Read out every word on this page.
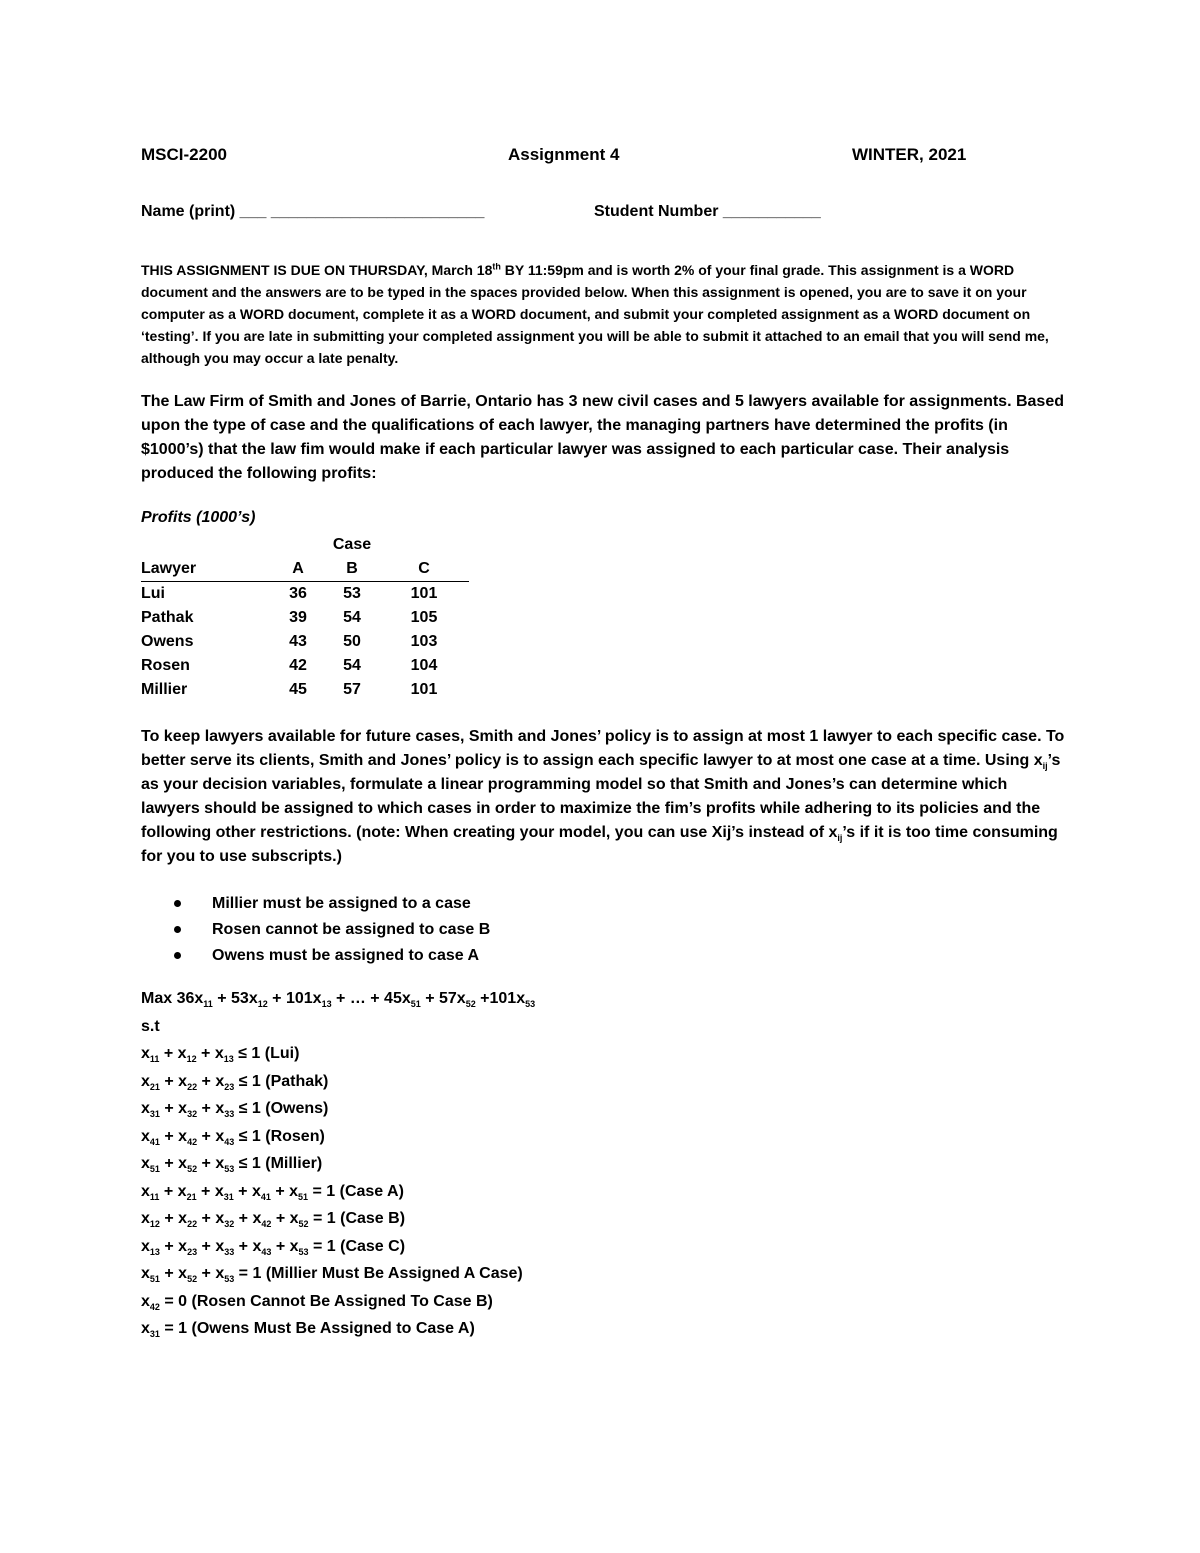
MSCI-2200	Assignment 4	WINTER, 2021
Name (print) ___ ________________________	Student Number ___________

THIS ASSIGNMENT IS DUE ON THURSDAY, March 18th BY 11:59pm and is worth 2% of your final grade. This assignment is a WORD document and the answers are to be typed in the spaces provided below. When this assignment is opened, you are to save it on your computer as a WORD document, complete it as a WORD document, and submit your completed assignment as a WORD document on ‘testing’. If you are late in submitting your completed assignment you will be able to submit it attached to an email that you will send me, although you may occur a late penalty.

The Law Firm of Smith and Jones of Barrie, Ontario has 3 new civil cases and 5 lawyers available for assignments. Based upon the type of case and the qualifications of each lawyer, the managing partners have determined the profits (in $1000’s) that the law fim would make if each particular lawyer was assigned to each particular case. Their analysis produced the following profits:

Profits (1000’s)
		Case	
Lawyer	A	B	C
Lui	36	53	101
Pathak	39	54	105
Owens	43	50	103
Rosen	42	54	104
Millier	45	57	101

To keep lawyers available for future cases, Smith and Jones’ policy is to assign at most 1 lawyer to each specific case. To better serve its clients, Smith and Jones’ policy is to assign each specific lawyer to at most one case at a time. Using $x_{ij}’s$ as your decision variables, formulate a linear programming model so that Smith and Jones’s can determine which lawyers should be assigned to which cases in order to maximize the fim’s profits while adhering to its policies and the following other restrictions. (note: When creating your model, you can use Xij’s instead of $x_{ij}’s$ if it is too time consuming for you to use subscripts.)

Millier must be assigned to a case
Rosen cannot be assigned to case B
Owens must be assigned to case A
Max $36x_{11} + 53x_{12} + 101x_{13}$ + … + $45x_{51} + 57x_{52} +101x_{53}$
s.t
$x_{11} + x_{12} + x_{13} \le 1$ (Lui)
$x_{21} + x_{22} + x_{23} \le 1$ (Pathak)
$x_{31} + x_{32} + x_{33} \le 1$ (Owens)
$x_{41} + x_{42} + x_{43} \le 1$ (Rosen)
$x_{51} + x_{52} + x_{53} \le 1$ (Millier)
$x_{11} + x_{21} + x_{31} + x_{41} + x_{51} = 1$ (Case A)
$x_{12} + x_{22} + x_{32} + x_{42} + x_{52} = 1$ (Case B)
$x_{13} + x_{23} + x_{33} + x_{43} + x_{53} = 1$ (Case C)
$x_{51} + x_{52} + x_{53} = 1$ (Millier Must Be Assigned A Case)
$x_{42} = 0$ (Rosen Cannot Be Assigned To Case B)
$x_{31} = 1$ (Owens Must Be Assigned to Case A)
